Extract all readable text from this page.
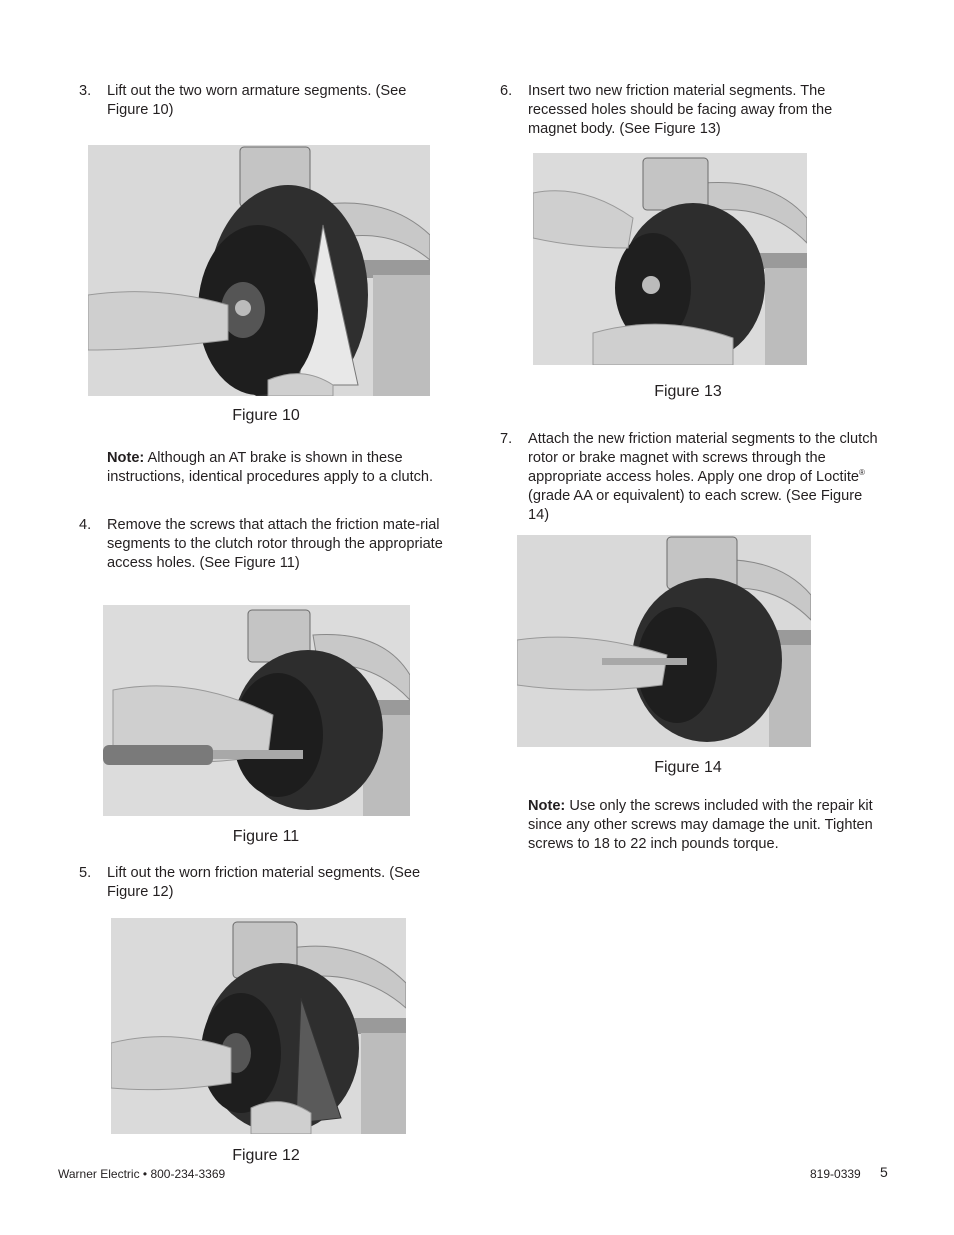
3. Lift out the two worn armature segments. (See Figure 10)
Figure 10
Note: Although an AT brake is shown in these instructions, identical procedures apply to a clutch.
4. Remove the screws that attach the friction mate-rial segments to the clutch rotor through the appropriate access holes. (See Figure 11)
Figure 11
5. Lift out the worn friction material segments. (See Figure 12)
Figure 12
6. Insert two new friction material segments. The recessed holes should be facing away from the magnet body. (See Figure 13)
Figure 13
7. Attach the new friction material segments to the clutch rotor or brake magnet with screws through the appropriate access holes. Apply one drop of Loctite® (grade AA or equivalent) to each screw. (See Figure 14)
Figure 14
Note: Use only the screws included with the repair kit since any other screws may damage the unit. Tighten screws to 18 to 22 inch pounds torque.
Warner Electric • 800-234-3369	819-0339 5
